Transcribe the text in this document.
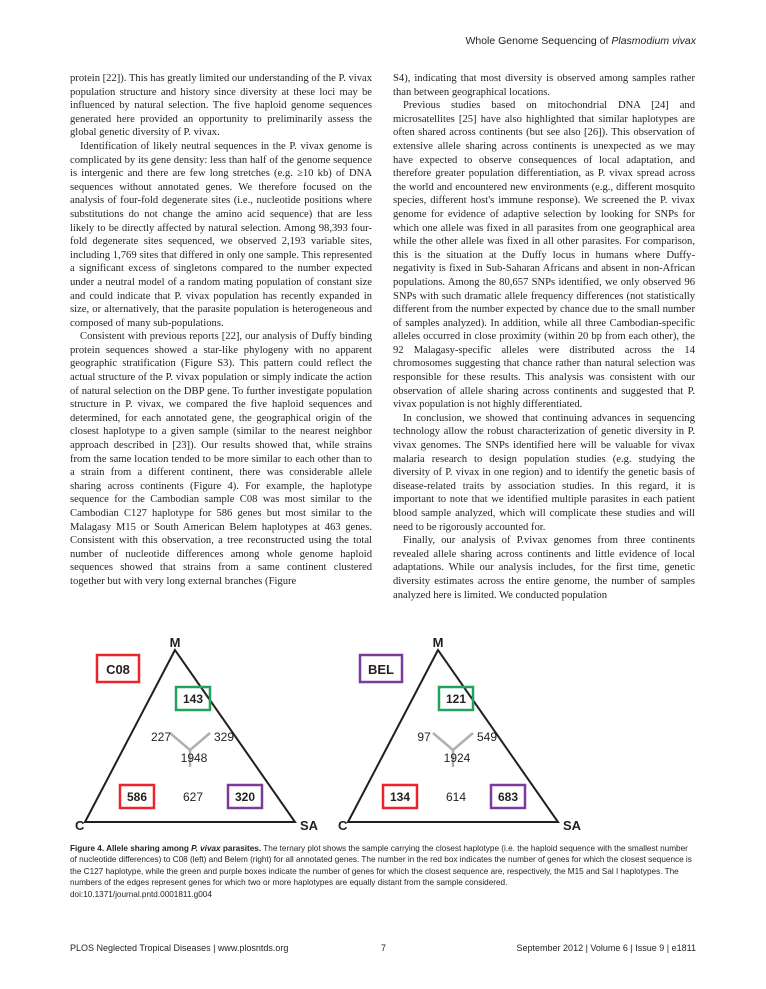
Whole Genome Sequencing of Plasmodium vivax

protein [22]). This has greatly limited our understanding of the P. vivax population structure and history since diversity at these loci may be influenced by natural selection. The five haploid genome sequences generated here provided an opportunity to preliminarily assess the global genetic diversity of P. vivax.

Identification of likely neutral sequences in the P. vivax genome is complicated by its gene density: less than half of the genome sequence is intergenic and there are few long stretches (e.g. ≥10 kb) of DNA sequences without annotated genes. We therefore focused on the analysis of four-fold degenerate sites (i.e., nucleotide positions where substitutions do not change the amino acid sequence) that are less likely to be directly affected by natural selection. Among 98,393 four-fold degenerate sites sequenced, we observed 2,193 variable sites, including 1,769 sites that differed in only one sample. This represented a significant excess of singletons compared to the number expected under a neutral model of a random mating population of constant size and could indicate that P. vivax population has recently expanded in size, or alternatively, that the parasite population is heterogeneous and composed of many sub-populations.

Consistent with previous reports [22], our analysis of Duffy binding protein sequences showed a star-like phylogeny with no apparent geographic stratification (Figure S3). This pattern could reflect the actual structure of the P. vivax population or simply indicate the action of natural selection on the DBP gene. To further investigate population structure in P. vivax, we compared the five haploid sequences and determined, for each annotated gene, the geographical origin of the closest haplotype to a given sample (similar to the nearest neighbor approach described in [23]). Our results showed that, while strains from the same location tended to be more similar to each other than to a strain from a different continent, there was considerable allele sharing across continents (Figure 4). For example, the haplotype sequence for the Cambodian sample C08 was most similar to the Cambodian C127 haplotype for 586 genes but most similar to the Malagasy M15 or South American Belem haplotypes at 463 genes. Consistent with this observation, a tree reconstructed using the total number of nucleotide differences among whole genome haploid sequences showed that strains from a same continent clustered together but with very long external branches (Figure

S4), indicating that most diversity is observed among samples rather than between geographical locations.

Previous studies based on mitochondrial DNA [24] and microsatellites [25] have also highlighted that similar haplotypes are often shared across continents (but see also [26]). This observation of extensive allele sharing across continents is unexpected as we may have expected to observe consequences of local adaptation, and therefore greater population differentiation, as P. vivax spread across the world and encountered new environments (e.g., different mosquito species, different host's immune response). We screened the P. vivax genome for evidence of adaptive selection by looking for SNPs for which one allele was fixed in all parasites from one geographical area while the other allele was fixed in all other parasites. For comparison, this is the situation at the Duffy locus in humans where Duffy-negativity is fixed in Sub-Saharan Africans and absent in non-African populations. Among the 80,657 SNPs identified, we only observed 96 SNPs with such dramatic allele frequency differences (not statistically different from the number expected by chance due to the small number of samples analyzed). In addition, while all three Cambodian-specific alleles occurred in close proximity (within 20 bp from each other), the 92 Malagasy-specific alleles were distributed across the 14 chromosomes suggesting that chance rather than natural selection was responsible for these results. This analysis was consistent with our observation of allele sharing across continents and suggested that P. vivax population is not highly differentiated.

In conclusion, we showed that continuing advances in sequencing technology allow the robust characterization of genetic diversity in P. vivax genomes. The SNPs identified here will be valuable for vivax malaria research to design population studies (e.g. studying the diversity of P. vivax in one region) and to identify the genetic basis of disease-related traits by association studies. In this regard, it is important to note that we identified multiple parasites in each patient blood sample analyzed, which will complicate these studies and will need to be rigorously accounted for.

Finally, our analysis of P.vivax genomes from three continents revealed allele sharing across continents and little evidence of local adaptations. While our analysis includes, for the first time, genetic diversity estimates across the entire genome, the number of samples analyzed here is limited. We conducted population

M
C	SA
C08
143
227	329
1948
586	627	320
M
C	SA
BEL
121
97	549
1924
134	614	683
Figure 4. Allele sharing among P. vivax parasites. The ternary plot shows the sample carrying the closest haplotype (i.e. the haploid sequence with the smallest number of nucleotide differences) to C08 (left) and Belem (right) for all annotated genes. The number in the red box indicates the number of genes for which the closest sequence is the C127 haplotype, while the green and purple boxes indicate the number of genes for which the closest sequence are, respectively, the M15 and Sal I haplotypes. The numbers of the edges represent genes for which two or more haplotypes are equally distant from the sample considered.
doi:10.1371/journal.pntd.0001811.g004
PLOS Neglected Tropical Diseases | www.plosntds.org	7	September 2012 | Volume 6 | Issue 9 | e1811
